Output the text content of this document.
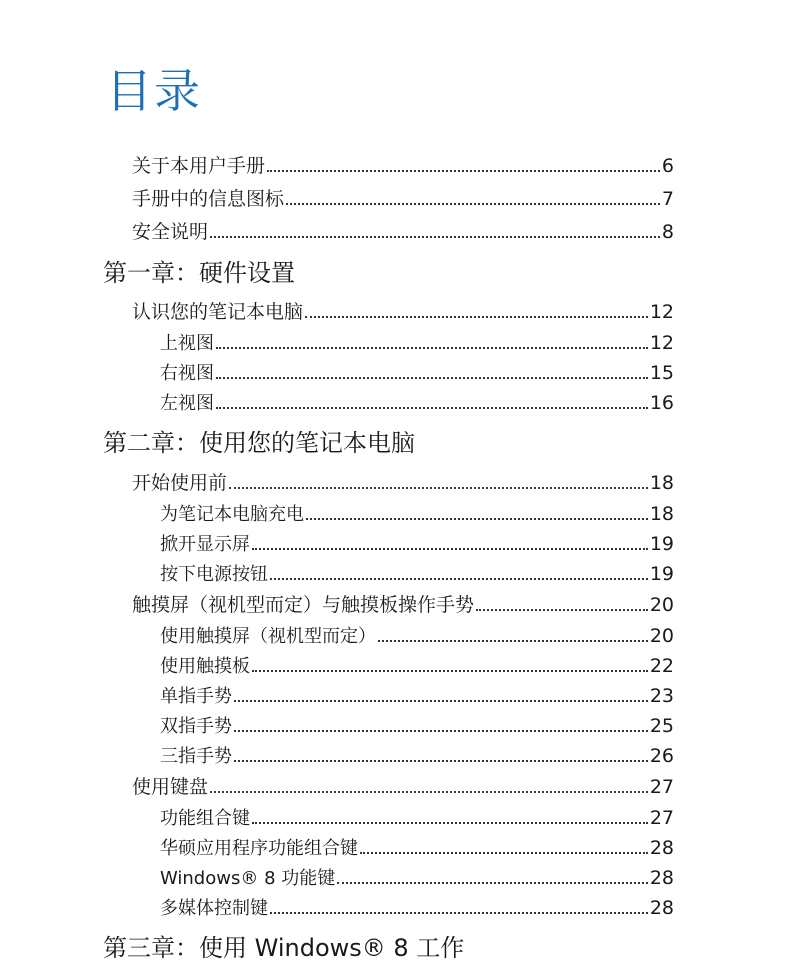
目录
关于本用户手册	6
手册中的信息图标	7
安全说明	8
第一章：硬件设置
认识您的笔记本电脑	12
上视图	12
右视图	15
左视图	16
第二章：使用您的笔记本电脑
开始使用前	18
为笔记本电脑充电	18
掀开显示屏	19
按下电源按钮	19
触摸屏（视机型而定）与触摸板操作手势	20
使用触摸屏（视机型而定）	20
使用触摸板	22
单指手势	23
双指手势	25
三指手势	26
使用键盘	27
功能组合键	27
华硕应用程序功能组合键	28
Windows® 8 功能键	28
多媒体控制键	28
第三章：使用 Windows® 8 工作
